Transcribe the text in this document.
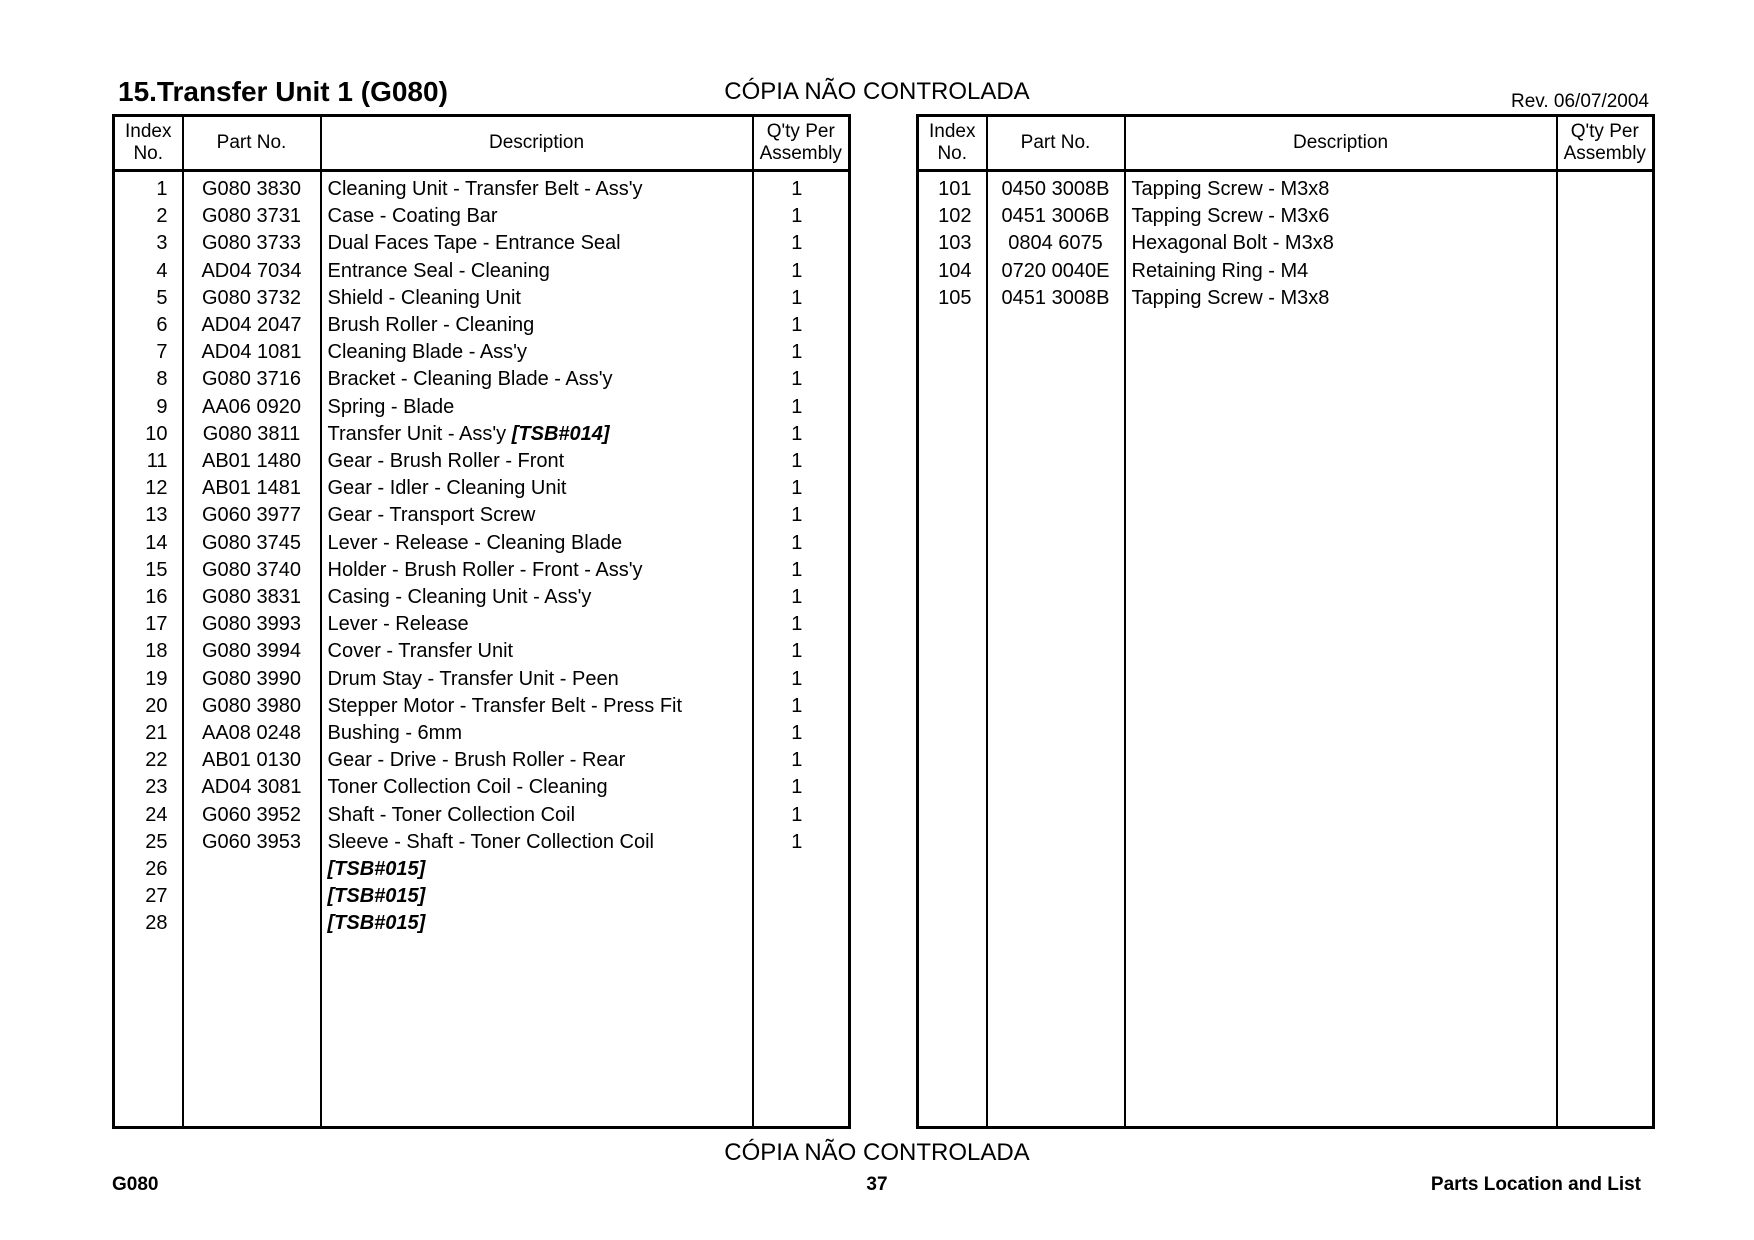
15.Transfer Unit 1 (G080)	CÓPIA NÃO CONTROLADA	Rev. 06/07/2004
Index
No.	Part No.	Description	Q'ty Per
Assembly
1	G080 3830	Cleaning Unit - Transfer Belt - Ass'y	1
2	G080 3731	Case - Coating Bar	1
3	G080 3733	Dual Faces Tape - Entrance Seal	1
4	AD04 7034	Entrance Seal - Cleaning	1
5	G080 3732	Shield - Cleaning Unit	1
6	AD04 2047	Brush Roller - Cleaning	1
7	AD04 1081	Cleaning Blade - Ass'y	1
8	G080 3716	Bracket - Cleaning Blade - Ass'y	1
9	AA06 0920	Spring - Blade	1
10	G080 3811	Transfer Unit - Ass'y [TSB#014]	1
11	AB01 1480	Gear - Brush Roller - Front	1
12	AB01 1481	Gear - Idler - Cleaning Unit	1
13	G060 3977	Gear - Transport Screw	1
14	G080 3745	Lever - Release - Cleaning Blade	1
15	G080 3740	Holder - Brush Roller - Front - Ass'y	1
16	G080 3831	Casing - Cleaning Unit - Ass'y	1
17	G080 3993	Lever - Release	1
18	G080 3994	Cover - Transfer Unit	1
19	G080 3990	Drum Stay - Transfer Unit - Peen	1
20	G080 3980	Stepper Motor - Transfer Belt - Press Fit	1
21	AA08 0248	Bushing - 6mm	1
22	AB01 0130	Gear - Drive - Brush Roller - Rear	1
23	AD04 3081	Toner Collection Coil - Cleaning	1
24	G060 3952	Shaft - Toner Collection Coil	1
25	G060 3953	Sleeve - Shaft - Toner Collection Coil	1
26		[TSB#015]	
27		[TSB#015]	
28		[TSB#015]	

Index
No.	Part No.	Description	Q'ty Per
Assembly
101	0450 3008B	Tapping Screw - M3x8	
102	0451 3006B	Tapping Screw - M3x6	
103	0804 6075	Hexagonal Bolt - M3x8	
104	0720 0040E	Retaining Ring - M4	
105	0451 3008B	Tapping Screw - M3x8	

CÓPIA NÃO CONTROLADA
G080	37	Parts Location and List
